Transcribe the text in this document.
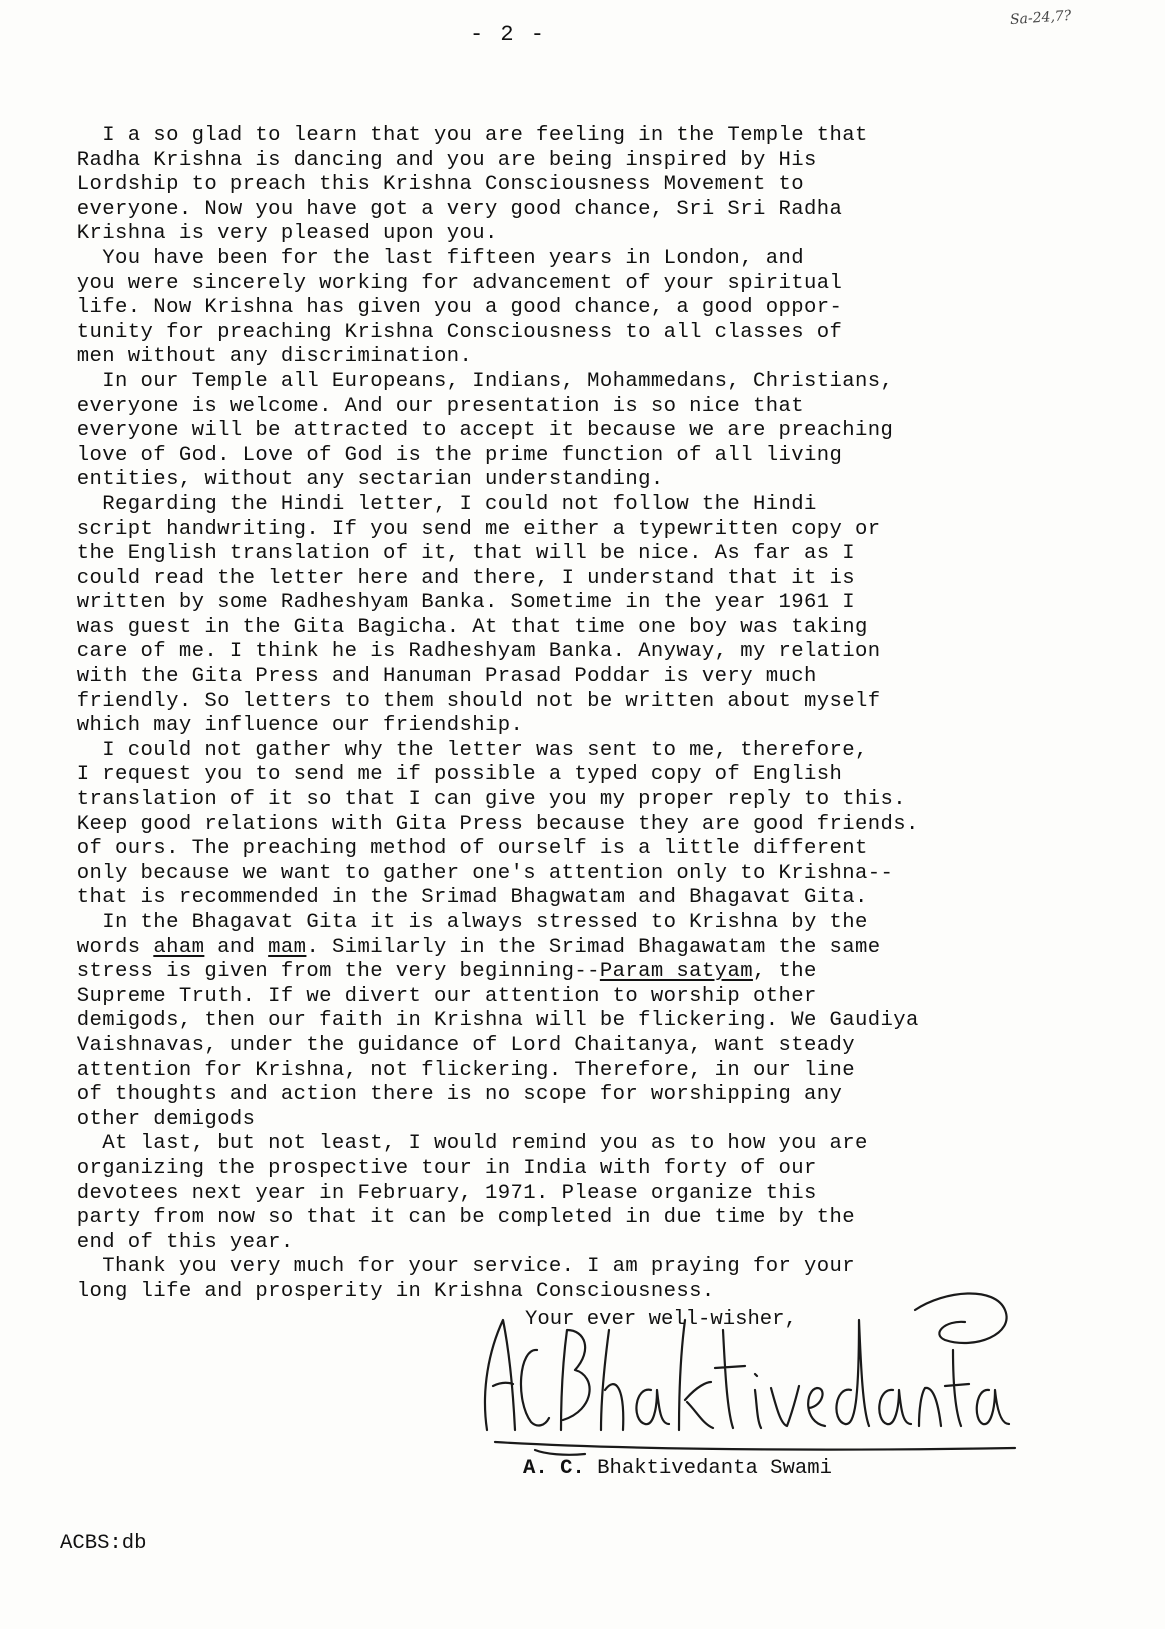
- 2 -
Sa-24,7?
I a so glad to learn that you are feeling in the Temple that
Radha Krishna is dancing and you are being inspired by His
Lordship to preach this Krishna Consciousness Movement to
everyone. Now you have got a very good chance, Sri Sri Radha
Krishna is very pleased upon you.
You have been for the last fifteen years in London, and
you were sincerely working for advancement of your spiritual
life. Now Krishna has given you a good chance, a good oppor-
tunity for preaching Krishna Consciousness to all classes of
men without any discrimination.
In our Temple all Europeans, Indians, Mohammedans, Christians,
everyone is welcome. And our presentation is so nice that
everyone will be attracted to accept it because we are preaching
love of God. Love of God is the prime function of all living
entities, without any sectarian understanding.
Regarding the Hindi letter, I could not follow the Hindi
script handwriting. If you send me either a typewritten copy or
the English translation of it, that will be nice. As far as I
could read the letter here and there, I understand that it is
written by some Radheshyam Banka. Sometime in the year 1961 I
was guest in the Gita Bagicha. At that time one boy was taking
care of me. I think he is Radheshyam Banka. Anyway, my relation
with the Gita Press and Hanuman Prasad Poddar is very much
friendly. So letters to them should not be written about myself
which may influence our friendship.
I could not gather why the letter was sent to me, therefore,
I request you to send me if possible a typed copy of English
translation of it so that I can give you my proper reply to this.
Keep good relations with Gita Press because they are good friends.
of ours. The preaching method of ourself is a little different
only because we want to gather one's attention only to Krishna--
that is recommended in the Srimad Bhagwatam and Bhagavat Gita.
In the Bhagavat Gita it is always stressed to Krishna by the
words aham and mam. Similarly in the Srimad Bhagawatam the same
stress is given from the very beginning--Param satyam, the
Supreme Truth. If we divert our attention to worship other
demigods, then our faith in Krishna will be flickering. We Gaudiya
Vaishnavas, under the guidance of Lord Chaitanya, want steady
attention for Krishna, not flickering. Therefore, in our line
of thoughts and action there is no scope for worshipping any
other demigods
At last, but not least, I would remind you as to how you are
organizing the prospective tour in India with forty of our
devotees next year in February, 1971. Please organize this
party from now so that it can be completed in due time by the
end of this year.
Thank you very much for your service. I am praying for your
long life and prosperity in Krishna Consciousness.
Your ever well-wisher,
A. C. Bhaktivedanta Swami
ACBS:db
